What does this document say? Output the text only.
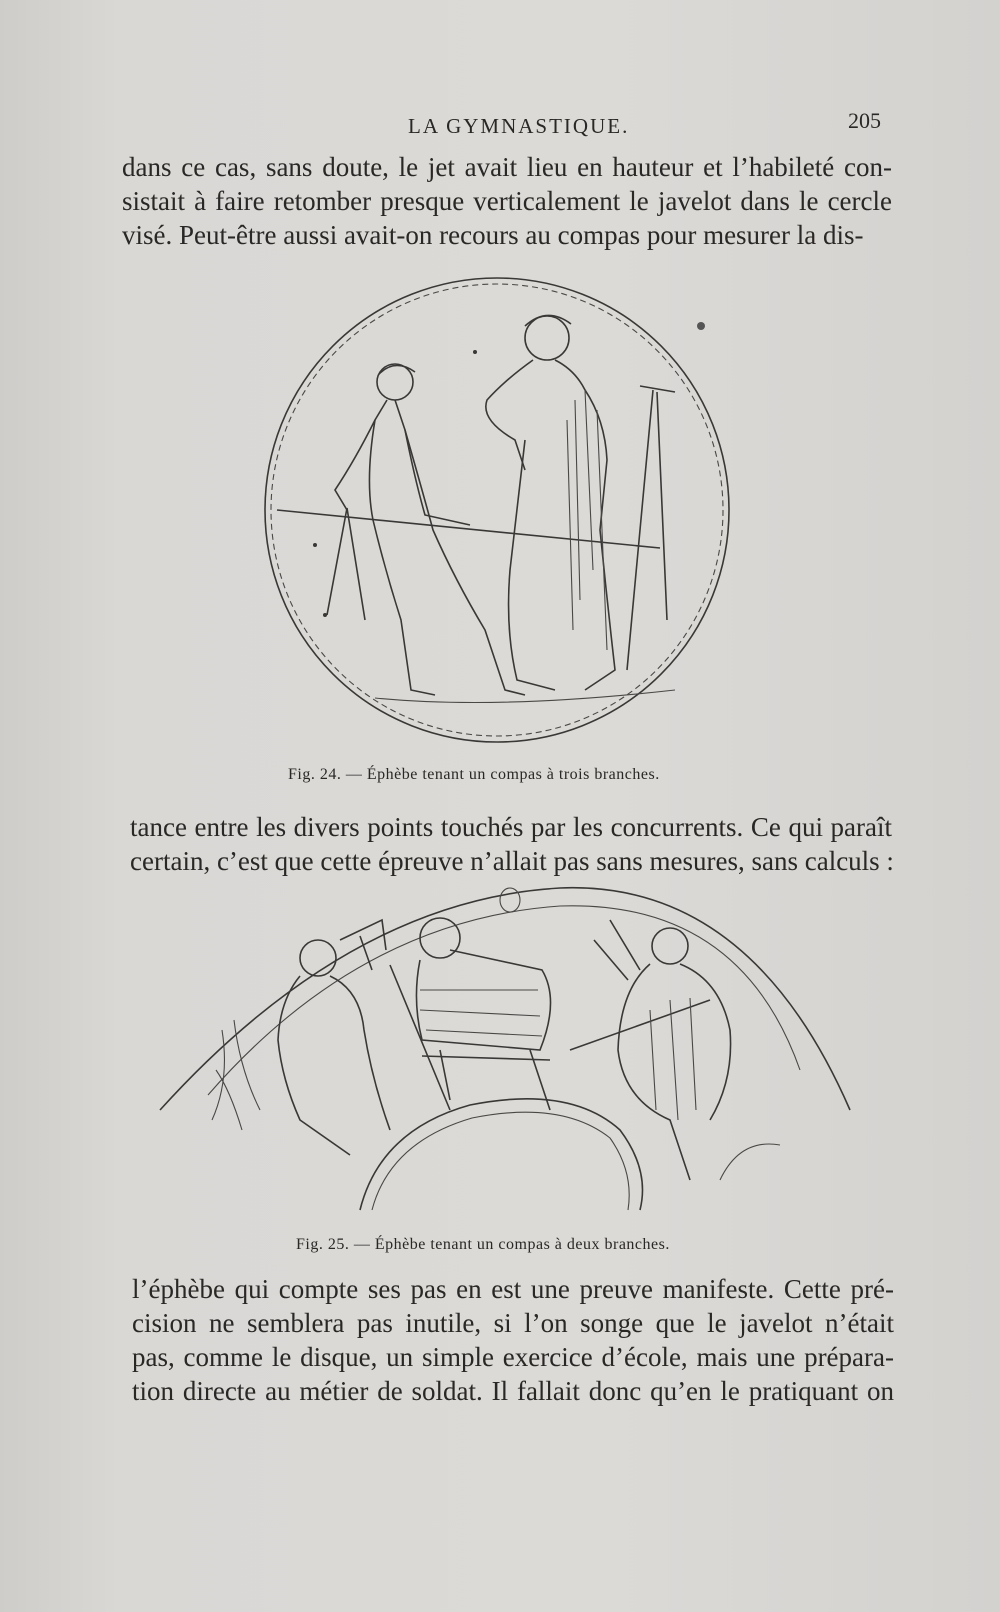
LA GYMNASTIQUE.	205
dans ce cas, sans doute, le jet avait lieu en hauteur et l’habileté con-
sistait à faire retomber presque verticalement le javelot dans le cercle
visé. Peut-être aussi avait-on recours au compas pour mesurer la dis-
Fig. 24. — Éphèbe tenant un compas à trois branches.
tance entre les divers points touchés par les concurrents. Ce qui paraît
certain, c’est que cette épreuve n’allait pas sans mesures, sans calculs :
Fig. 25. — Éphèbe tenant un compas à deux branches.
l’éphèbe qui compte ses pas en est une preuve manifeste. Cette pré-
cision ne semblera pas inutile, si l’on songe que le javelot n’était
pas, comme le disque, un simple exercice d’école, mais une prépara-
tion directe au métier de soldat. Il fallait donc qu’en le pratiquant on
